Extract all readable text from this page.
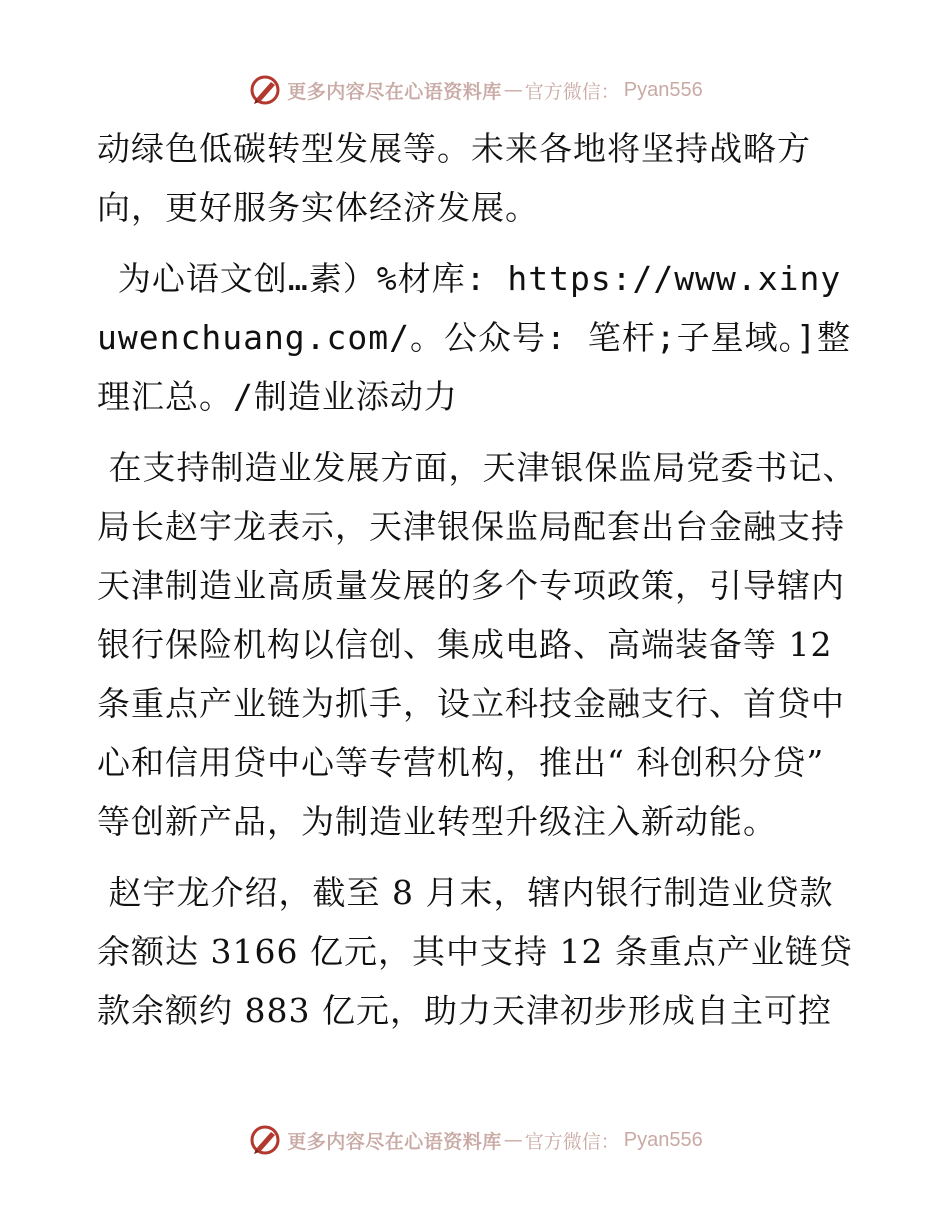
更多内容尽在心语资料库 — 官方微信： Pyan556

动绿色低碳转型发展等。未来各地将坚持战略方向，更好服务实体经济发展。

为心语文创…素）%材库: https://www.xinyuwenchuang.com/。公众号: 笔杆;子星域。]整理汇总。/制造业添动力

在支持制造业发展方面，天津银保监局党委书记、局长赵宇龙表示，天津银保监局配套出台金融支持天津制造业高质量发展的多个专项政策，引导辖内银行保险机构以信创、集成电路、高端装备等 12 条重点产业链为抓手，设立科技金融支行、首贷中心和信用贷中心等专营机构，推出“ 科创积分贷” 等创新产品，为制造业转型升级注入新动能。

赵宇龙介绍，截至 8 月末，辖内银行制造业贷款余额达 3166 亿元，其中支持 12 条重点产业链贷款余额约 883 亿元，助力天津初步形成自主可控

更多内容尽在心语资料库 — 官方微信： Pyan556
